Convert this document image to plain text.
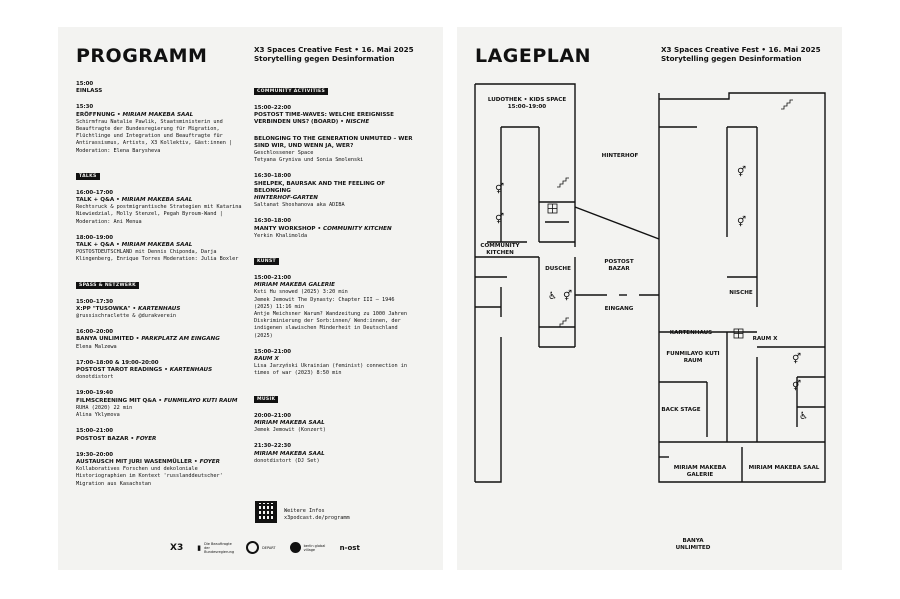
PROGRAMM	X3 Spaces Creative Fest • 16. Mai 2025
Storytelling gegen Desinformation
15:00
EINLASS
15:30
ERÖFFNUNG • MIRIAM MAKEBA SAAL
Schirmfrau Natalie Pawlik, Staatsministerin und Beauftragte der Bundesregierung für Migration, Flüchtlinge und Integration und Beauftragte für Antirassismus, Artists, X3 Kollektiv, Gäst:innen | Moderation: Elena Barysheva
TALKS
16:00–17:00
TALK + Q&A • MIRIAM MAKEBA SAAL
Rechtsruck & postmigrantische Strategien mit Katarina Niewiedzial, Molly Stenzel, Pegah Byroum-Wand | Moderation: Ani Menua
18:00–19:00
TALK + Q&A • MIRIAM MAKEBA SAAL
POSTOSTDEUTSCHLAND mit Dennis Chiponda, Darja Klingenberg, Enrique Torres Moderation: Julia Boxler
SPASS & NETZWERK
15:00–17:30
X:PP "TUSOWKA" • KARTENHAUS
@russischraclette & @durakverein
16:00–20:00
BANYA UNLIMITED • PARKPLATZ AM EINGANG
Elena Malzewa
17:00–18:00 & 19:00–20:00
POSTOST TAROT READINGS • KARTENHAUS
donotdistort
19:00–19:40
FILMSCREENING MIT Q&A • FUNMILAYO KUTI RAUM
RUHA (2020) 22 min
Alina Yklymova
15:00–21:00
POSTOST BAZAR • FOYER
19:30–20:00
AUSTAUSCH MIT JURI WASENMÜLLER • FOYER
Kollaboratives Forschen und dekoloniale Historiographien im Kontext 'russlanddeutscher' Migration aus Kasachstan
COMMUNITY ACTIVITIES
15:00–22:00
POSTOST TIME-WAVES: WELCHE EREIGNISSE VERBINDEN UNS? (BOARD) • NISCHE
BELONGING TO THE GENERATION UNMUTED – WER SIND WIR, UND WENN JA, WER?
Geschlossener Space
Tetyana Gryniva und Sonia Smolenski
16:30–18:00
SHELPEK, BAURSAK AND THE FEELING OF BELONGING
HINTERHOF-GARTEN
Saltanat Shoshanova aka ADIBA
16:30–18:00
MANTY WORKSHOP • COMMUNITY KITCHEN
Yerkin Khalimolda
KUNST
15:00–21:00
MIRIAM MAKEBA GALERIE
Ksti Hu snowed (2025) 3:20 min
Jemek Jemowit The Dynasty: Chapter III – 1946 (2025) 11:16 min
Antje Meichsner Warum? Wandzeitung zu 1000 Jahren Diskriminierung der Sorb:innen/ Wend:innen, der indigenen slawischen Minderheit in Deutschland (2025)
15:00–21:00
RAUM X
Lisa Jarzyński Ukrainian (feminist) connection in times of war (2023) 8:50 min
MUSIK
20:00–21:00
MIRIAM MAKEBA SAAL
Jemek Jemowit (Konzert)
21:30–22:30
MIRIAM MAKEBA SAAL
donotdistort (DJ Set)
Weitere Infos
x3podcast.de/programm
X3 ▮ Die Beauftragte der Bundesregierung
DEPART	berlin global village	n-ost
LAGEPLAN	X3 Spaces Creative Fest • 16. Mai 2025
Storytelling gegen Desinformation
⚥
⚥
⚥
⚥
⚥
⚥
♿ ⚥
♿
LUDOTHEK • KIDS SPACE
15:00–19:00
HINTERHOF
COMMUNITY KITCHEN
DUSCHE
POSTOST BAZAR
NISCHE
EINGANG
KARTENHAUS
RAUM X
FUNMILAYO KUTI RAUM
BACK STAGE
MIRIAM MAKEBA GALERIE
MIRIAM MAKEBA SAAL
BANYA UNLIMITED
